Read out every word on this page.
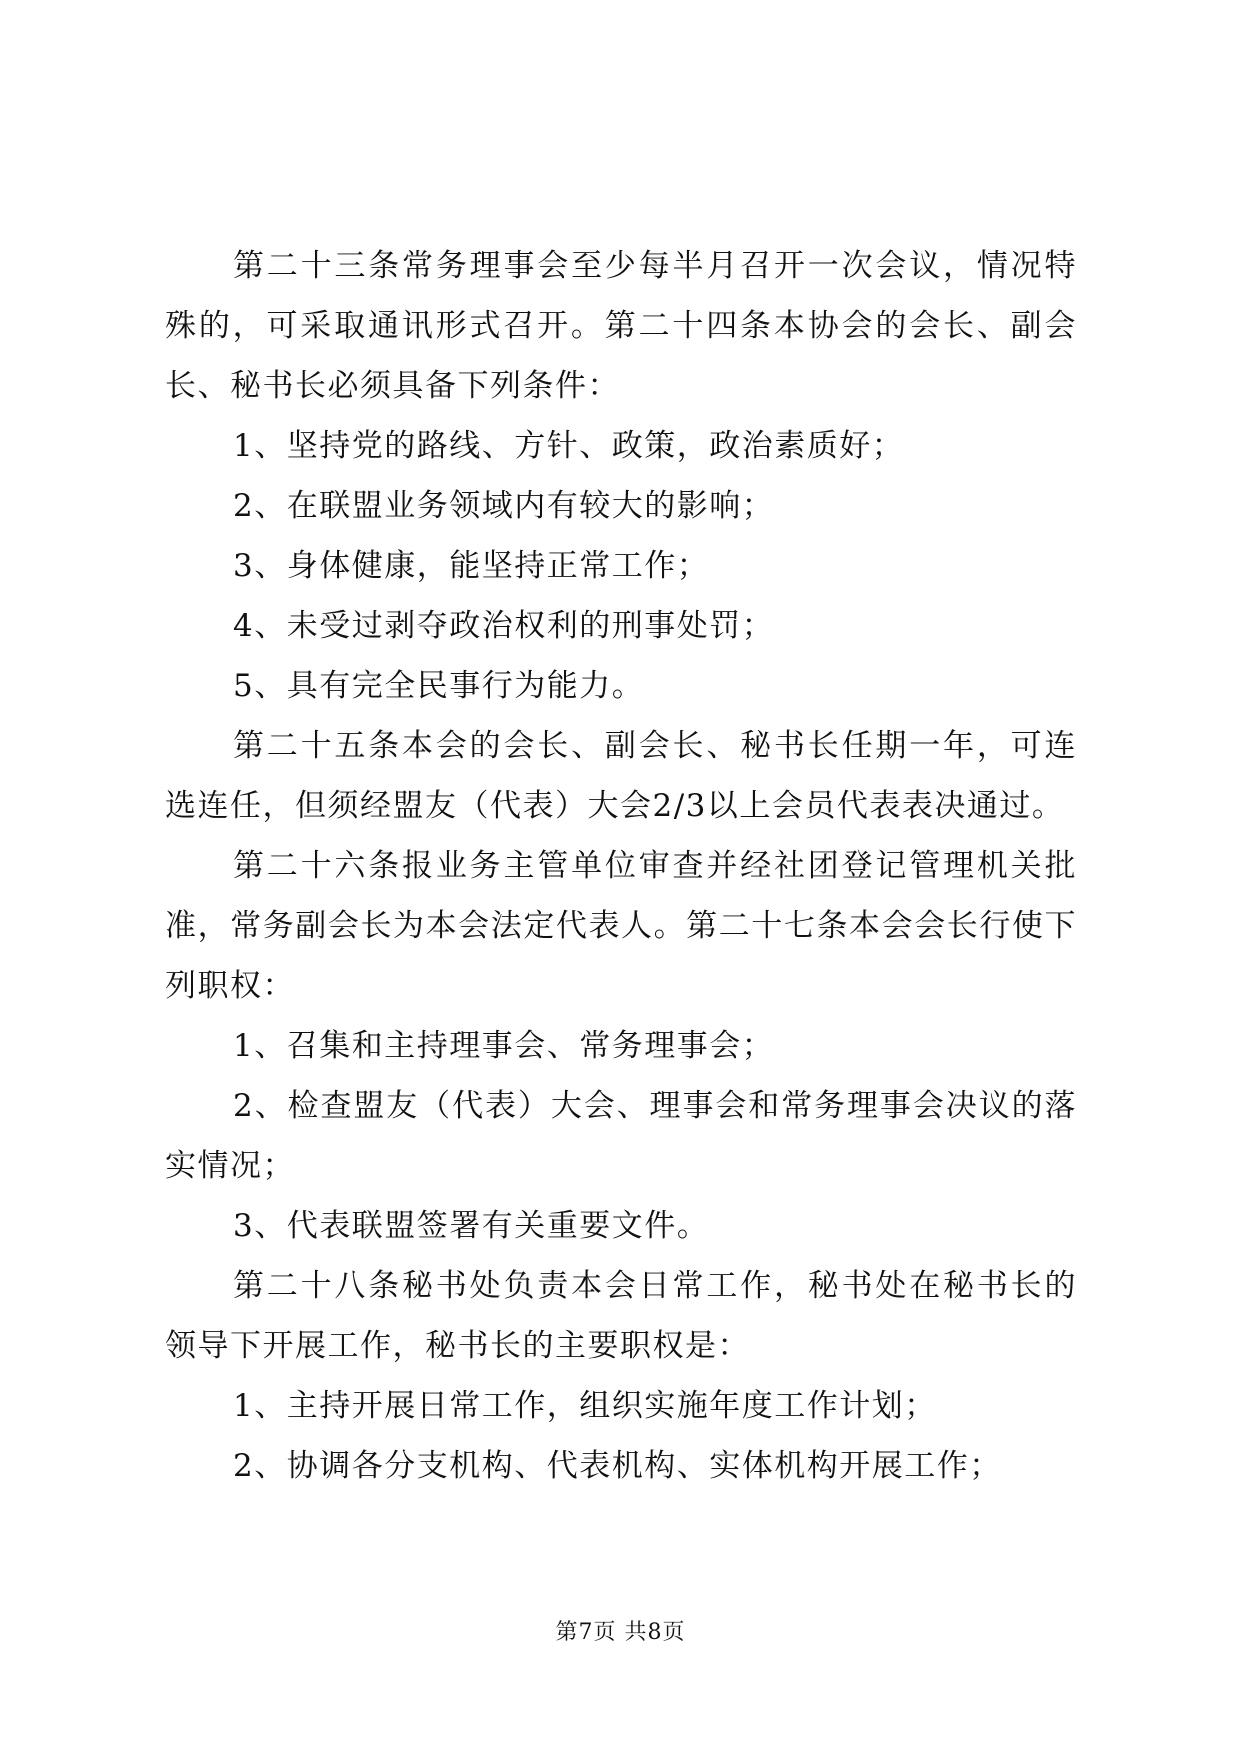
第二十三条常务理事会至少每半月召开一次会议，情况特殊的，可采取通讯形式召开。第二十四条本协会的会长、副会长、秘书长必须具备下列条件：

1、坚持党的路线、方针、政策，政治素质好；

2、在联盟业务领域内有较大的影响；

3、身体健康，能坚持正常工作；

4、未受过剥夺政治权利的刑事处罚；

5、具有完全民事行为能力。

第二十五条本会的会长、副会长、秘书长任期一年，可连选连任，但须经盟友（代表）大会2/3以上会员代表表决通过。

第二十六条报业务主管单位审查并经社团登记管理机关批准，常务副会长为本会法定代表人。第二十七条本会会长行使下列职权：

1、召集和主持理事会、常务理事会；

2、检查盟友（代表）大会、理事会和常务理事会决议的落实情况；

3、代表联盟签署有关重要文件。

第二十八条秘书处负责本会日常工作，秘书处在秘书长的领导下开展工作，秘书长的主要职权是：

1、主持开展日常工作，组织实施年度工作计划；

2、协调各分支机构、代表机构、实体机构开展工作；

第7页 共8页
